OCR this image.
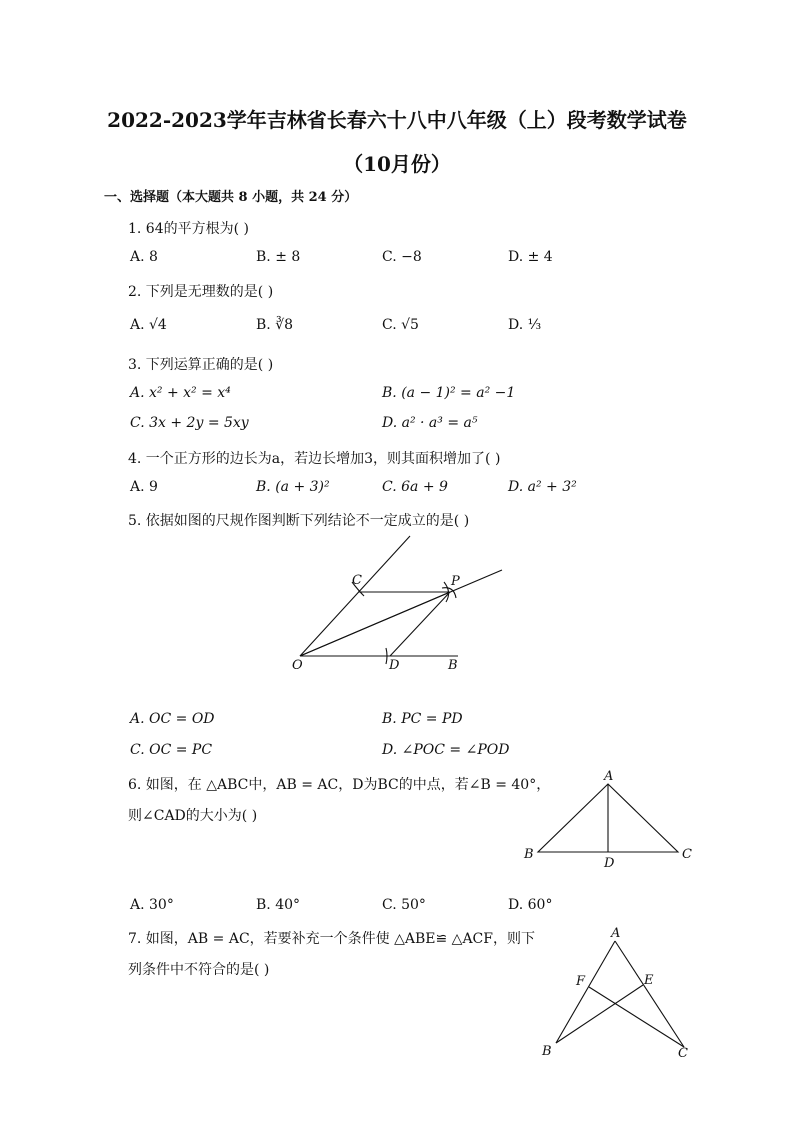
2022-2023学年吉林省长春六十八中八年级（上）段考数学试卷
（10月份）
一、选择题（本大题共 8 小题，共 24 分）
1. 64的平方根为( )
A. 8	B. ± 8	C. −8	D. ± 4
2. 下列是无理数的是( )
A. √4	B. ∛8	C. √5	D. ⅓
3. 下列运算正确的是( )
A. x² + x² = x⁴	B. (a − 1)² = a² −1
C. 3x + 2y = 5xy	D. a² · a³ = a⁵
4. 一个正方形的边长为a，若边长增加3，则其面积增加了( )
A. 9	B. (a + 3)²	C. 6a + 9	D. a² + 3²
5. 依据如图的尺规作图判断下列结论不一定成立的是( )
C	P
O	D	B
A. OC = OD	B. PC = PD
C. OC = PC	D. ∠POC = ∠POD
6. 如图，在 △ABC中，AB = AC，D为BC的中点，若∠B = 40°，
则∠CAD的大小为( )
A
B	C
D
A. 30°	B. 40°	C. 50°	D. 60°
7. 如图，AB = AC，若要补充一个条件使 △ABE≌ △ACF，则下
列条件中不符合的是( )
A
F	E
B	C
